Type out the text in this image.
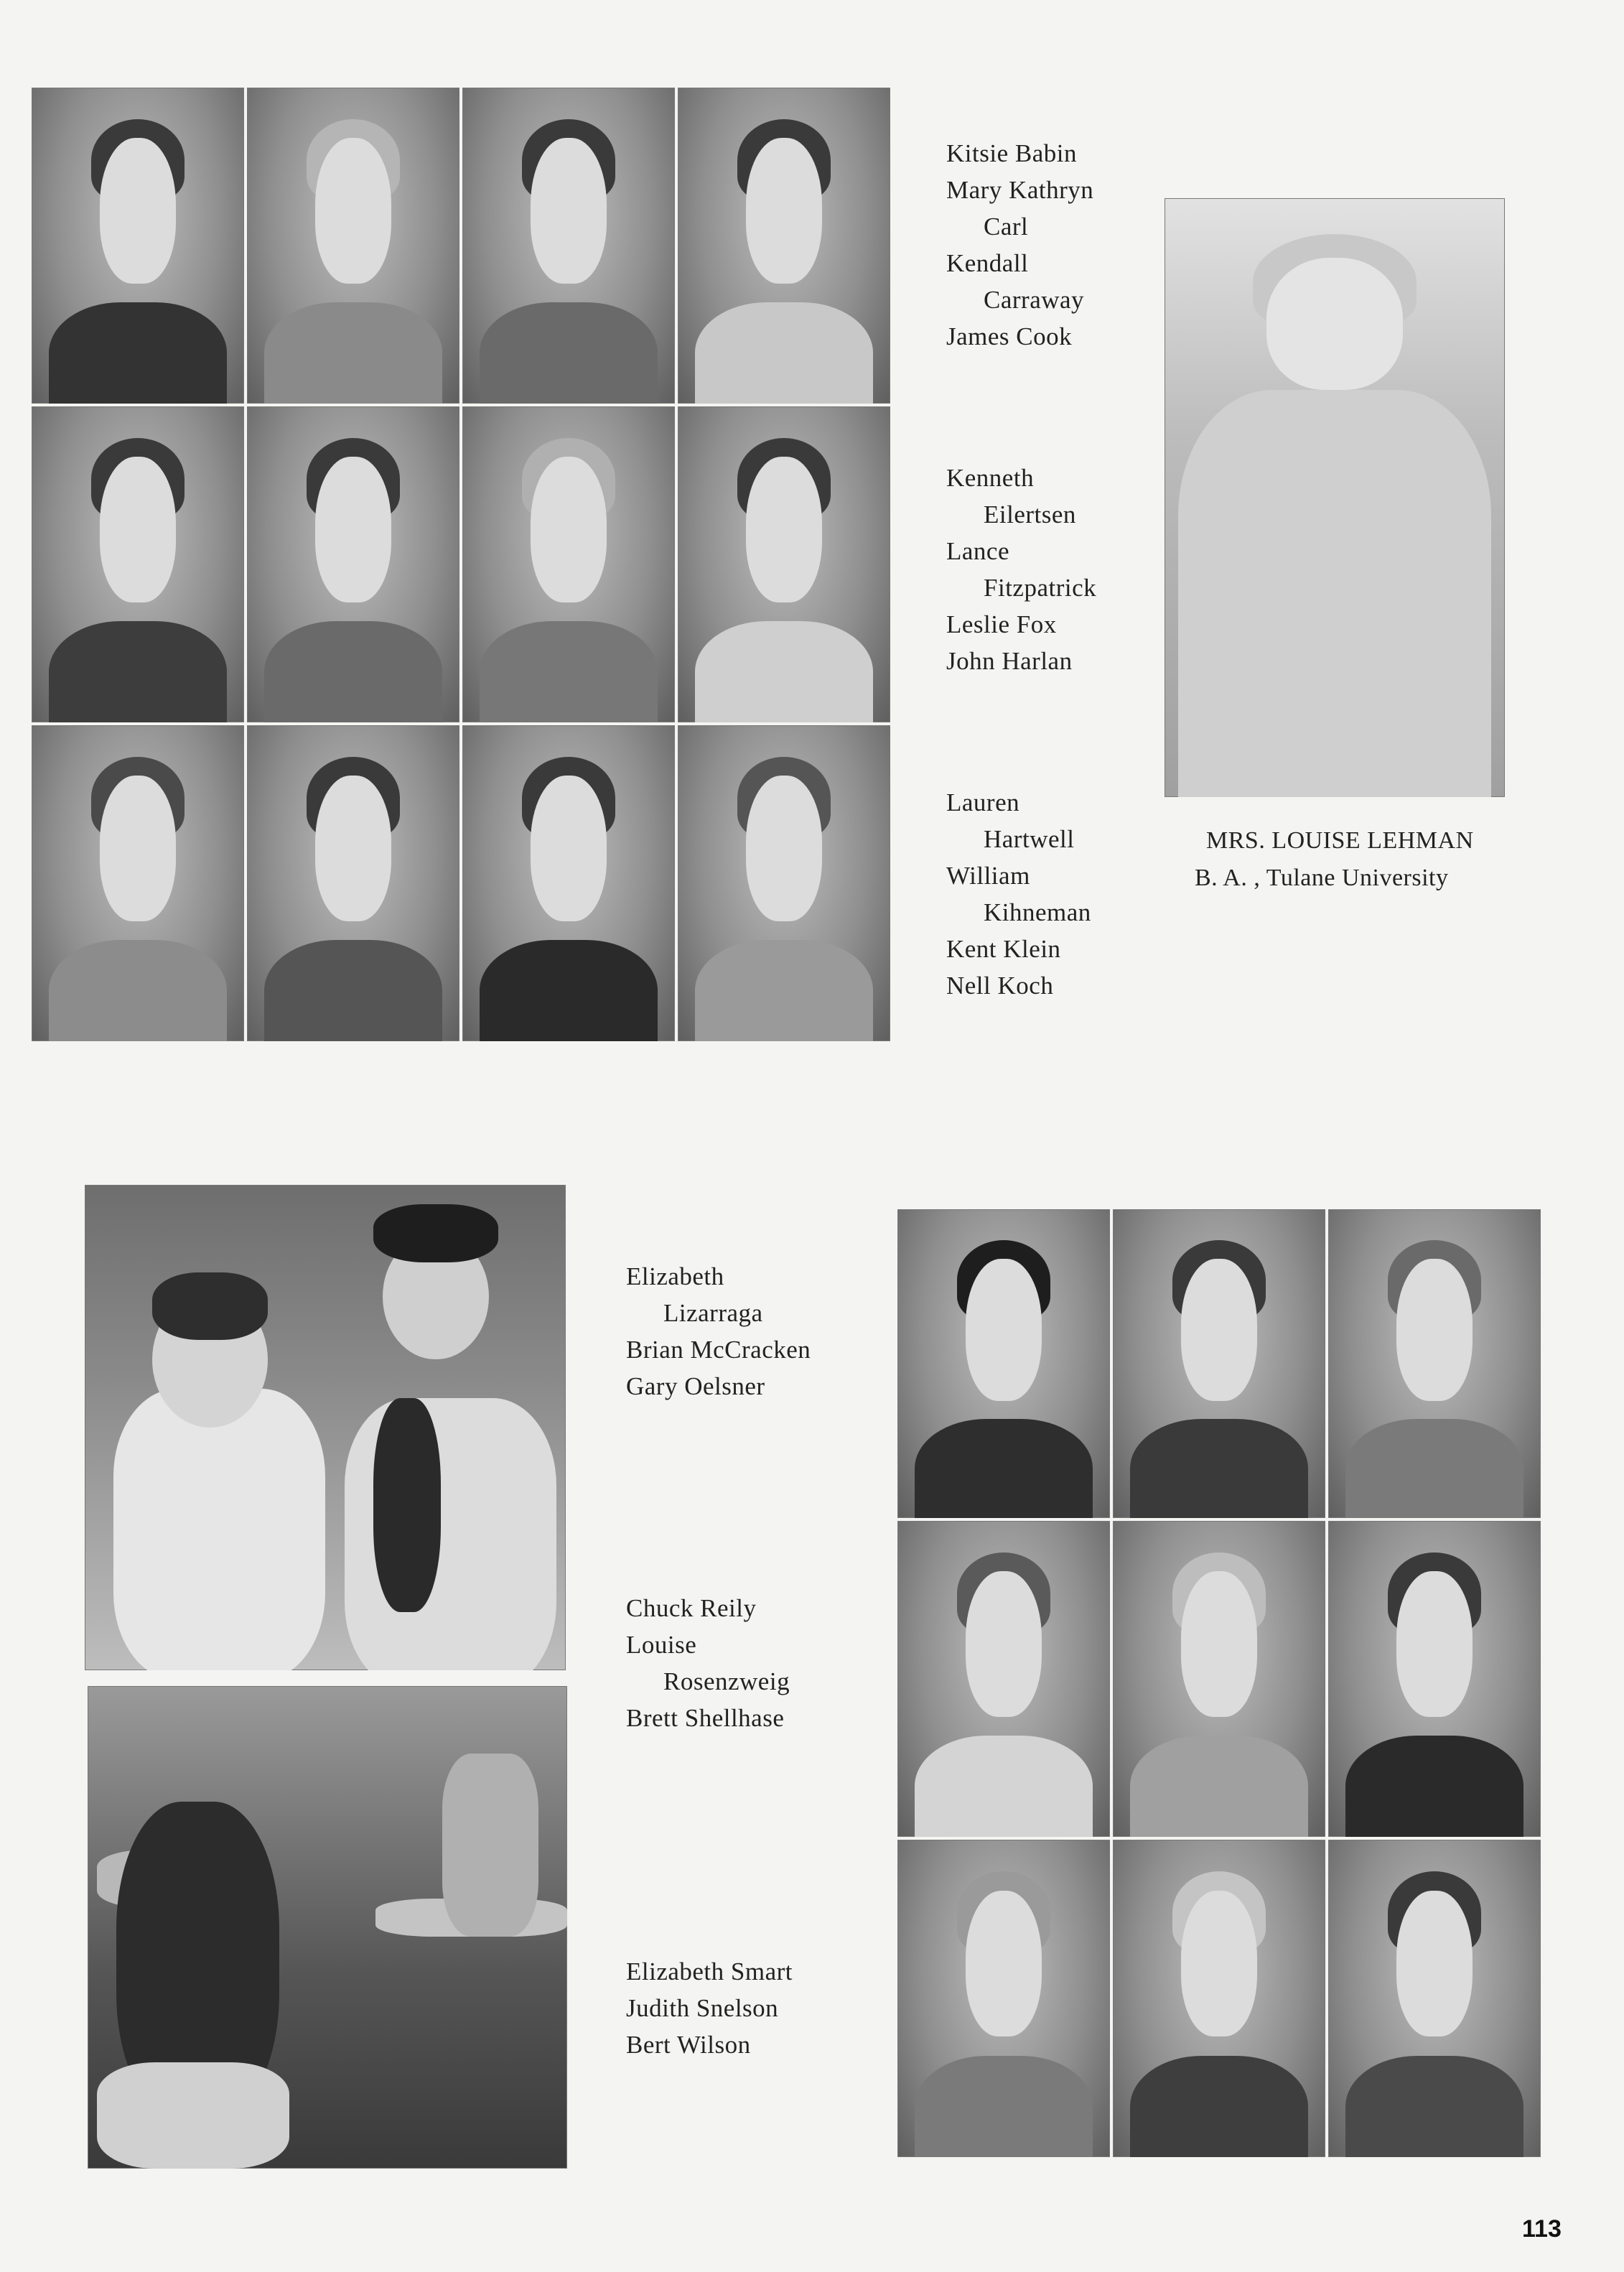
Kitsie Babin
Mary Kathryn
Carl
Kendall
Carraway
James Cook
Kenneth
Eilertsen
Lance
Fitzpatrick
Leslie Fox
John Harlan
Lauren
Hartwell
William
Kihneman
Kent Klein
Nell Koch
MRS. LOUISE LEHMAN
B. A. , Tulane University
Elizabeth
Lizarraga
Brian McCracken
Gary Oelsner
Chuck Reily
Louise
Rosenzweig
Brett Shellhase
Elizabeth Smart
Judith Snelson
Bert Wilson
113
